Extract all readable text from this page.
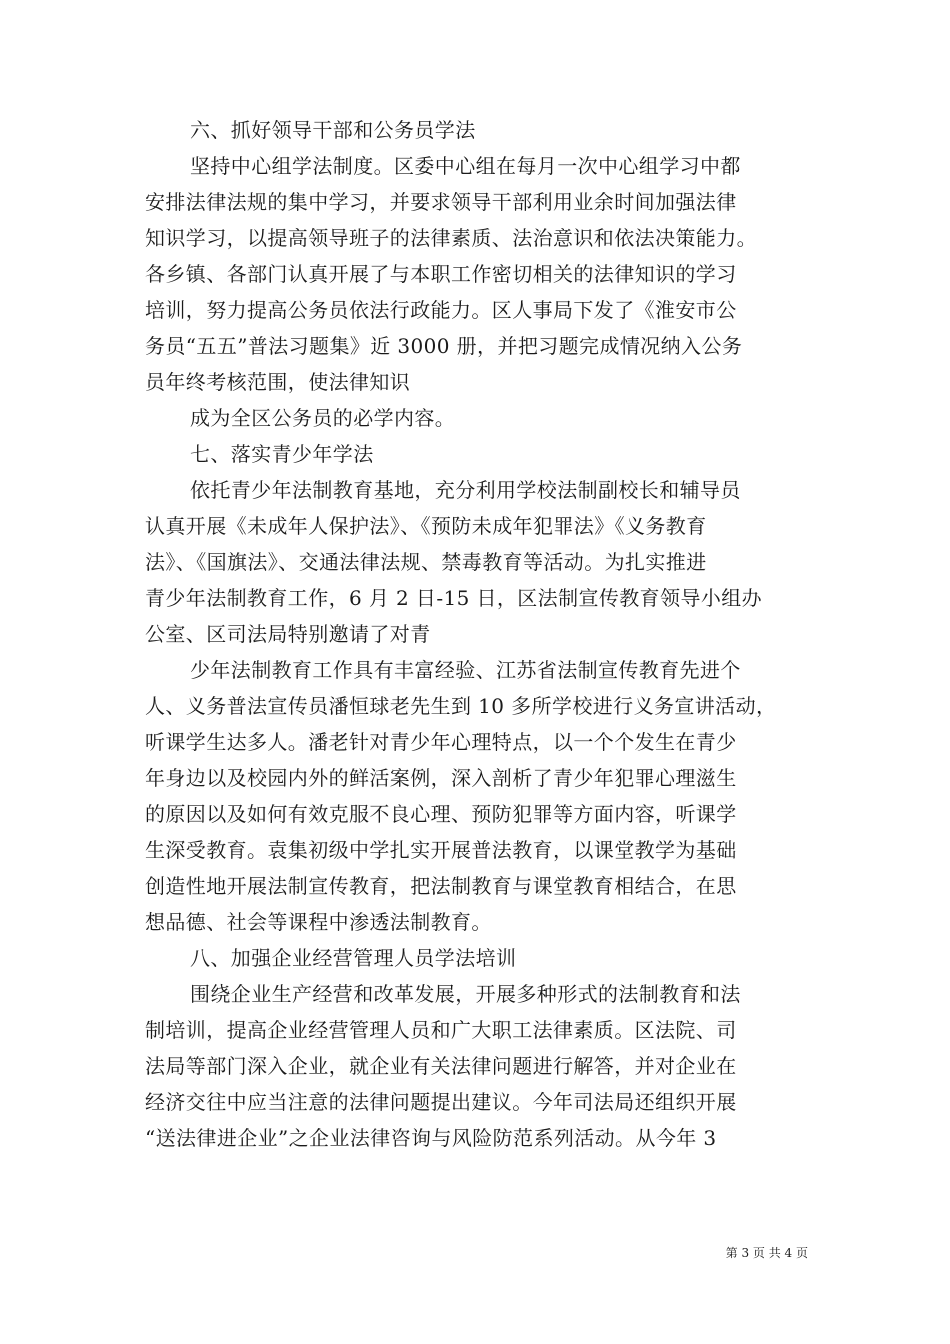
六、抓好领导干部和公务员学法
坚持中心组学法制度。区委中心组在每月一次中心组学习中都
安排法律法规的集中学习，并要求领导干部利用业余时间加强法律
知识学习，以提高领导班子的法律素质、法治意识和依法决策能力。
各乡镇、各部门认真开展了与本职工作密切相关的法律知识的学习
培训，努力提高公务员依法行政能力。区人事局下发了《淮安市公
务员“五五”普法习题集》近 3000 册，并把习题完成情况纳入公务
员年终考核范围，使法律知识
成为全区公务员的必学内容。
七、落实青少年学法
依托青少年法制教育基地，充分利用学校法制副校长和辅导员
认真开展《未成年人保护法》、《预防未成年犯罪法》《义务教育
法》、《国旗法》、交通法律法规、禁毒教育等活动。为扎实推进
青少年法制教育工作，6 月 2 日-15 日，区法制宣传教育领导小组办
公室、区司法局特别邀请了对青
少年法制教育工作具有丰富经验、江苏省法制宣传教育先进个
人、义务普法宣传员潘恒球老先生到 10 多所学校进行义务宣讲活动，
听课学生达多人。潘老针对青少年心理特点，以一个个发生在青少
年身边以及校园内外的鲜活案例，深入剖析了青少年犯罪心理滋生
的原因以及如何有效克服不良心理、预防犯罪等方面内容，听课学
生深受教育。袁集初级中学扎实开展普法教育，以课堂教学为基础
创造性地开展法制宣传教育，把法制教育与课堂教育相结合，在思
想品德、社会等课程中渗透法制教育。
八、加强企业经营管理人员学法培训
围绕企业生产经营和改革发展，开展多种形式的法制教育和法
制培训，提高企业经营管理人员和广大职工法律素质。区法院、司
法局等部门深入企业，就企业有关法律问题进行解答，并对企业在
经济交往中应当注意的法律问题提出建议。今年司法局还组织开展
“送法律进企业”之企业法律咨询与风险防范系列活动。从今年 3
第 3 页 共 4 页
